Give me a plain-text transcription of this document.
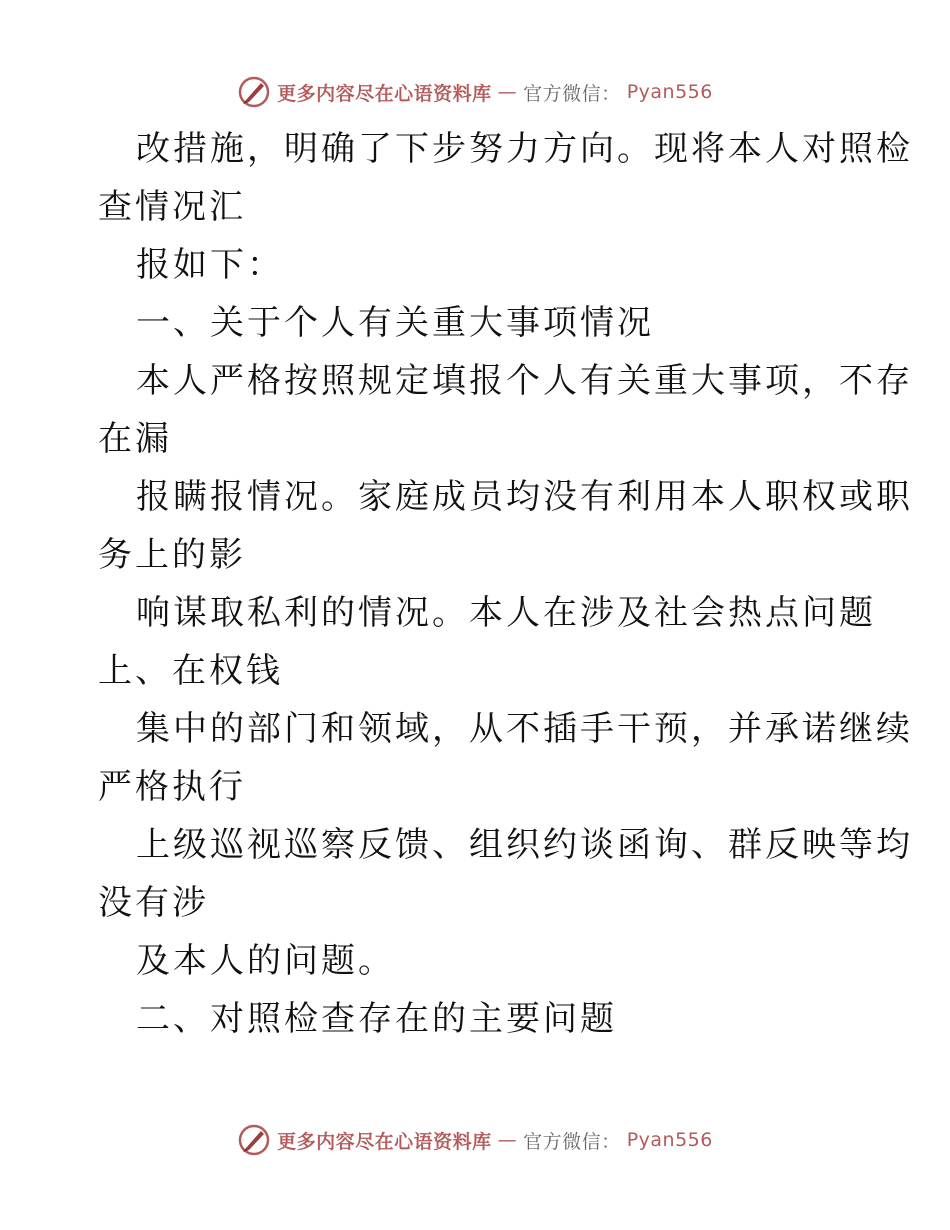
更多内容尽在心语资料库 — 官方微信： Pyan556
改措施，明确了下步努力方向。现将本人对照检
查情况汇
报如下：
一、关于个人有关重大事项情况
本人严格按照规定填报个人有关重大事项，不存
在漏
报瞒报情况。家庭成员均没有利用本人职权或职
务上的影
响谋取私利的情况。本人在涉及社会热点问题
上、在权钱
集中的部门和领域，从不插手干预，并承诺继续
严格执行
上级巡视巡察反馈、组织约谈函询、群反映等均
没有涉
及本人的问题。
二、对照检查存在的主要问题
更多内容尽在心语资料库 — 官方微信： Pyan556
